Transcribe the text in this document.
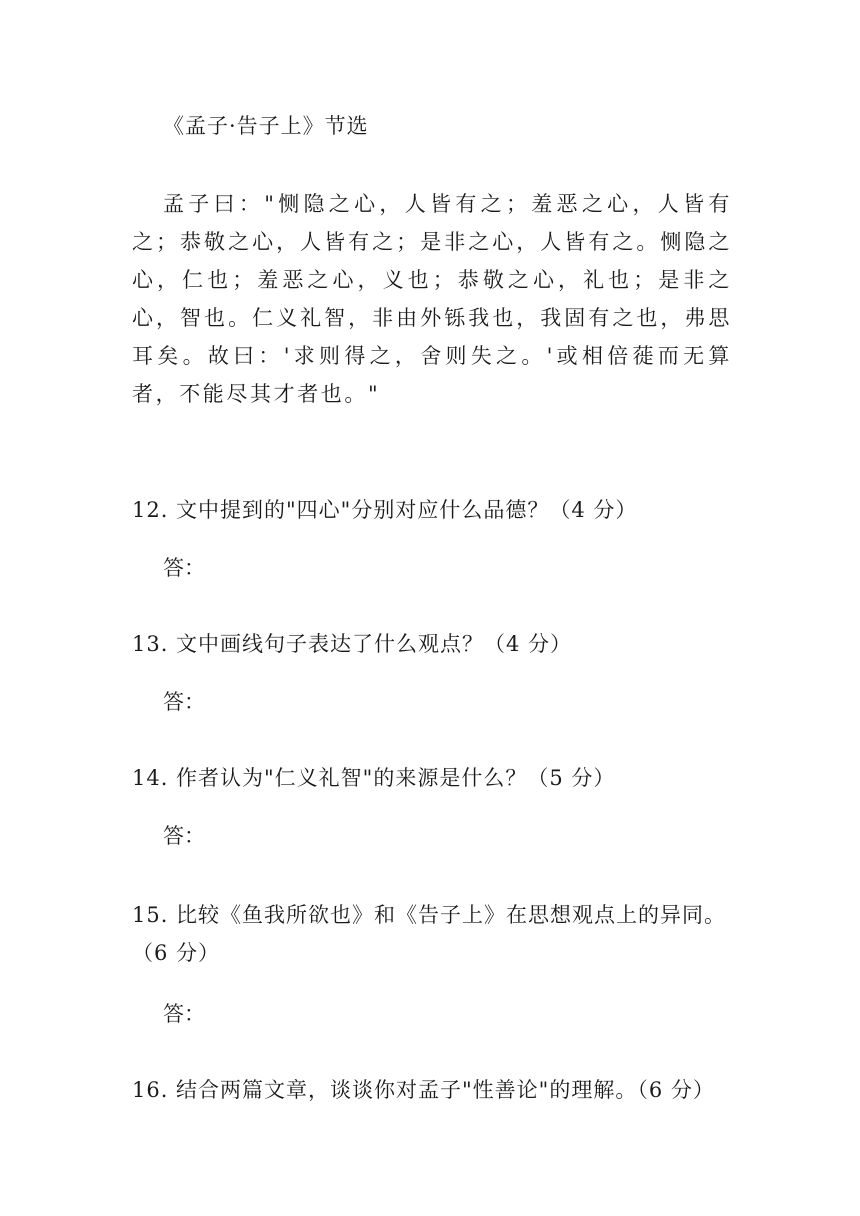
《孟子·告子上》节选
孟子曰："恻隐之心，人皆有之；羞恶之心，人皆有之；恭敬之心，人皆有之；是非之心，人皆有之。恻隐之心，仁也；羞恶之心，义也；恭敬之心，礼也；是非之心，智也。仁义礼智，非由外铄我也，我固有之也，弗思耳矣。故曰：'求则得之，舍则失之。'或相倍蓰而无算者，不能尽其才者也。"
12. 文中提到的"四心"分别对应什么品德？（4 分）
答：
13. 文中画线句子表达了什么观点？（4 分）
答：
14. 作者认为"仁义礼智"的来源是什么？（5 分）
答：
15. 比较《鱼我所欲也》和《告子上》在思想观点上的异同。（6 分）
答：
16. 结合两篇文章，谈谈你对孟子"性善论"的理解。（6 分）
